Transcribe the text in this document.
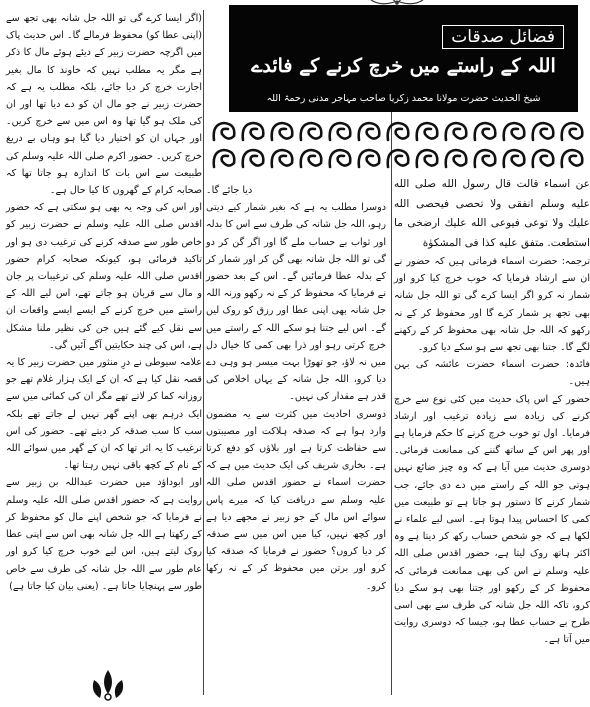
فضائل صدقات
اللہ کے راستے میں خرچ کرنے کے فائدے
شیخ الحدیث حضرت مولانا محمد زکریا صاحب مہاجر مدنی رحمۃ اللہ

عن اسماء قالت قال رسول الله صلى الله عليه وسلم انفقى ولا تحصى فيحصى الله عليك ولا توعى فيوعى الله عليك ارضخى ما استطعت. متفق عليه كذا فى المشكوٰة

ترجمہ: حضرت اسماء فرماتی ہیں کہ حضور نے ان سے ارشاد فرمایا کہ خوب خرچ کیا کرو اور شمار نہ کرو اگر ایسا کرے گی تو اللہ جل شانہ بھی تجھ پر شمار کرے گا اور محفوظ کر کے نہ رکھو کہ اللہ جل شانہ بھی محفوظ کر کے رکھنے لگے گا۔ جتنا بھی تجھ سے ہو سکے دیا کرو۔

فائدہ: حضرت اسماء حضرت عائشہ کی بہن ہیں۔

حضور کے اس پاک حدیث میں کئی نوع سے خرچ کرنے کی زیادہ سے زیادہ ترغیب اور ارشاد فرمایا۔ اول تو خوب خرچ کرنے کا حکم فرمایا ہے اور پھر اس کے ساتھ گننے کی ممانعت فرمائی۔ دوسری حدیث میں آیا ہے کہ وہ چیز ضائع نہیں ہوتی جو اللہ کے راستے میں دے دی جائے، جب شمار کرنے کا دستور ہو جاتا ہے تو طبیعت میں کمی کا احساس پیدا ہوتا ہے۔ اسی لیے علماء نے لکھا ہے کہ جو شخص حساب رکھ کر دیتا ہے وہ اکثر ہاتھ روک لیتا ہے، حضور اقدس صلی اللہ علیہ وسلم نے اس کی بھی ممانعت فرمائی کہ محفوظ کر کے رکھو اور جتنا بھی ہو سکے دیا کرو، تاکہ اللہ جل شانہ کی طرف سے بھی اسی طرح بے حساب عطا ہو، جیسا کہ دوسری روایت میں آتا ہے۔

دیا جائے گا۔

دوسرا مطلب یہ ہے کہ بغیر شمار کیے دیتی رہو، اللہ جل شانہ کی طرف سے اس کا بدلہ اور ثواب بے حساب ملے گا اور اگر گن کر دو گی تو اللہ جل شانہ بھی گن کر اور شمار کر کے بدلہ عطا فرمائیں گے۔ اس کے بعد حضور نے فرمایا کہ محفوظ کر کے نہ رکھو ورنہ اللہ جل شانہ بھی اپنی عطا اور رزق کو روک لیں گے۔ اس لیے جتنا ہو سکے اللہ کے راستے میں خرچ کرتی رہو اور ذرا بھی کمی کا خیال دل میں نہ لاؤ، جو تھوڑا بہت میسر ہو وہی دے دیا کرو، اللہ جل شانہ کے یہاں اخلاص کی قدر ہے مقدار کی نہیں۔

دوسری احادیث میں کثرت سے یہ مضمون وارد ہوا ہے کہ صدقہ ہلاکت اور مصیبتوں سے حفاظت کرتا ہے اور بلاؤں کو دفع کرتا ہے۔ بخاری شریف کی ایک حدیث میں ہے کہ حضرت اسماء نے حضور اقدس صلی اللہ علیہ وسلم سے دریافت کیا کہ میرے پاس سوائے اس مال کے جو زبیر نے مجھے دیا ہے اور کچھ نہیں، کیا میں اس میں سے صدقہ کر دیا کروں؟ حضور نے فرمایا کہ صدقہ کیا کرو اور برتن میں محفوظ کر کے نہ رکھا کرو۔

(اگر ایسا کرے گی تو اللہ جل شانہ بھی تجھ سے (اپنی عطا کو) محفوظ فرمالے گا۔ اس حدیث پاک میں اگرچہ حضرت زبیر کے دیئے ہوئے مال کا ذکر ہے مگر یہ مطلب نہیں کہ خاوند کا مال بغیر اجازت خرچ کر دیا جائے، بلکہ مطلب یہ ہے کہ حضرت زبیر نے جو مال ان کو دے دیا تھا اور ان کی ملک ہو گیا تھا وہ اس میں سے خرچ کریں۔ اور جہاں ان کو اختیار دیا گیا ہو وہاں بے دریغ خرچ کریں۔ حضور اکرم صلی اللہ علیہ وسلم کی طبیعت سے اس بات کا اندازہ ہو جاتا تھا کہ صحابہ کرام کے گھروں کا کیا حال ہے۔

اور اس کی وجہ یہ بھی ہو سکتی ہے کہ حضور اقدس صلی اللہ علیہ وسلم نے حضرت زبیر کو خاص طور سے صدقہ کرنے کی ترغیب دی ہو اور تاکید فرمائی ہو، کیونکہ صحابہ کرام حضور اقدس صلی اللہ علیہ وسلم کی ترغیبات پر جان و مال سے قربان ہو جاتے تھے، اس لیے اللہ کے راستے میں خرچ کرنے کے ایسے ایسے واقعات ان سے نقل کیے گئے ہیں جن کی نظیر ملنا مشکل ہے، اس کی چند حکایتیں آگے آئیں گی۔

علامہ سیوطی نے درِ منثور میں حضرت زبیر کا یہ قصہ نقل کیا ہے کہ ان کے ایک ہزار غلام تھے جو روزانہ کما کر لاتے تھے مگر ان کی کمائی میں سے ایک درہم بھی اپنے گھر نہیں لے جاتے تھے بلکہ سب کا سب صدقہ کر دیتے تھے۔ حضور کی اس ترغیب کا یہ اثر تھا کہ ان کے گھر میں سوائے اللہ کے نام کے کچھ باقی نہیں رہتا تھا۔

اور ابوداؤد میں حضرت عبداللہ بن زبیر سے روایت ہے کہ حضور اقدس صلی اللہ علیہ وسلم نے فرمایا کہ جو شخص اپنے مال کو محفوظ کر کے رکھتا ہے اللہ جل شانہ بھی اس سے اپنی عطا روک لیتے ہیں، اس لیے خوب خرچ کیا کرو اور عام طور سے اللہ جل شانہ کی طرف سے خاص طور سے پہنچایا جاتا ہے۔ (یعنی بیان کیا جاتا ہے)
